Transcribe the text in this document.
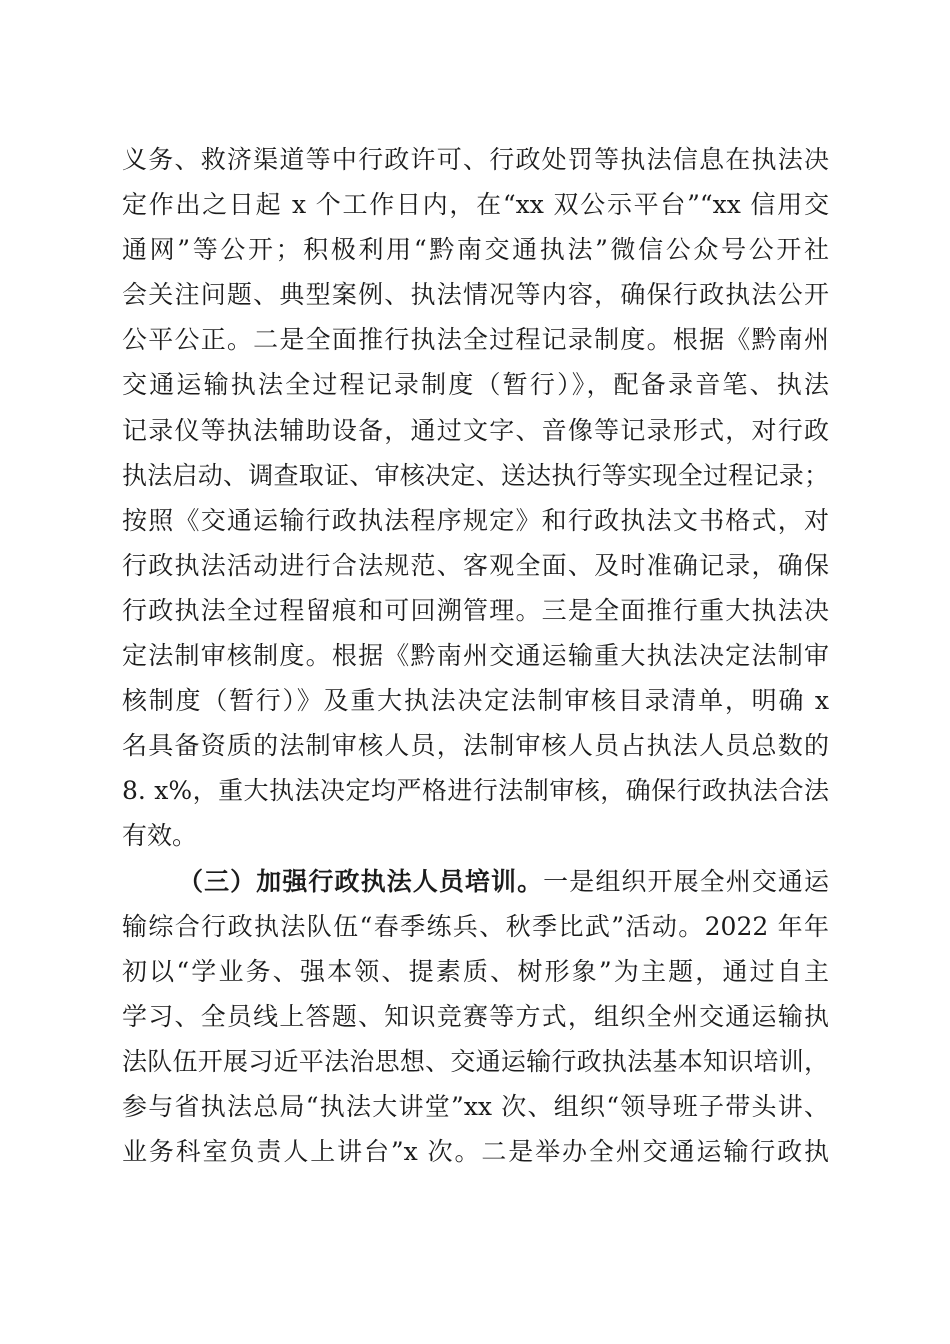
义务、救济渠道等中行政许可、行政处罚等执法信息在执法决
定作出之日起 x 个工作日内，在“xx 双公示平台”“xx 信用交
通网”等公开；积极利用“黔南交通执法”微信公众号公开社
会关注问题、典型案例、执法情况等内容，确保行政执法公开
公平公正。二是全面推行执法全过程记录制度。根据《黔南州
交通运输执法全过程记录制度（暂行）》，配备录音笔、执法
记录仪等执法辅助设备，通过文字、音像等记录形式，对行政
执法启动、调查取证、审核决定、送达执行等实现全过程记录；
按照《交通运输行政执法程序规定》和行政执法文书格式，对
行政执法活动进行合法规范、客观全面、及时准确记录，确保
行政执法全过程留痕和可回溯管理。三是全面推行重大执法决
定法制审核制度。根据《黔南州交通运输重大执法决定法制审
核制度（暂行）》及重大执法决定法制审核目录清单，明确 x
名具备资质的法制审核人员，法制审核人员占执法人员总数的
8. x%，重大执法决定均严格进行法制审核，确保行政执法合法
有效。
（三）加强行政执法人员培训。一是组织开展全州交通运
输综合行政执法队伍“春季练兵、秋季比武”活动。2022 年年
初以“学业务、强本领、提素质、树形象”为主题，通过自主
学习、全员线上答题、知识竞赛等方式，组织全州交通运输执
法队伍开展习近平法治思想、交通运输行政执法基本知识培训，
参与省执法总局“执法大讲堂”xx 次、组织“领导班子带头讲、
业务科室负责人上讲台”x 次。二是举办全州交通运输行政执
